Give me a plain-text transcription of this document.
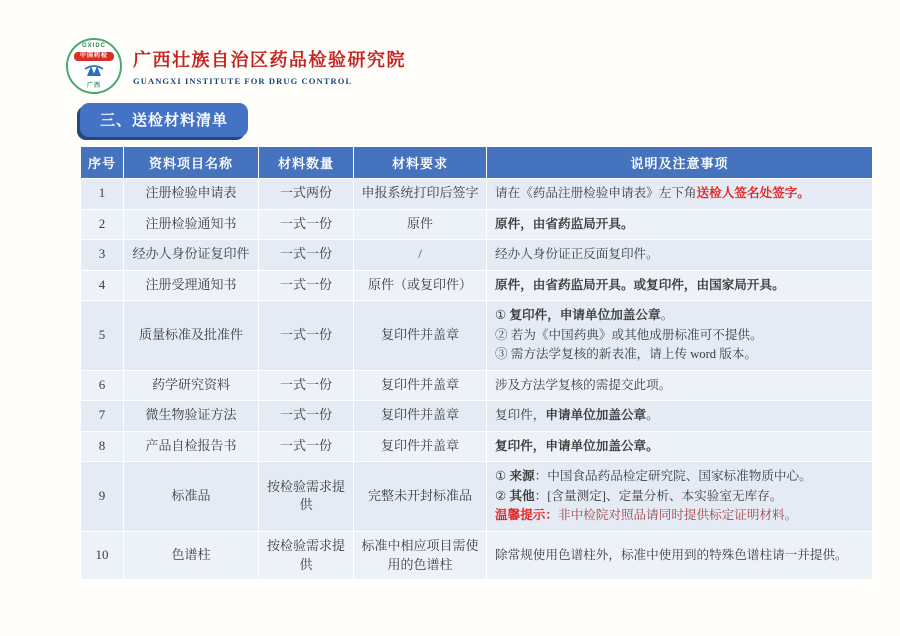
GXIDC
中国药检
广西
广西壮族自治区药品检验研究院
GUANGXI INSTITUTE FOR DRUG CONTROL
三、送检材料清单
序号	资料项目名称	材料数量	材料要求	说明及注意事项
1	注册检验申请表	一式两份	申报系统打印后签字	请在《药品注册检验申请表》左下角送检人签名处签字。

2	注册检验通知书	一式一份	原件	原件，由省药监局开具。

3	经办人身份证复印件	一式一份	/	经办人身份证正反面复印件。

4	注册受理通知书	一式一份	原件（或复印件）	原件，由省药监局开具。或复印件，由国家局开具。

5	质量标准及批准件	一式一份	复印件并盖章	① 复印件，申请单位加盖公章。
② 若为《中国药典》或其他成册标准可不提供。
③ 需方法学复核的新表准，请上传 word 版本。

6	药学研究资料	一式一份	复印件并盖章	涉及方法学复核的需提交此项。

7	微生物验证方法	一式一份	复印件并盖章	复印件，申请单位加盖公章。

8	产品自检报告书	一式一份	复印件并盖章	复印件，申请单位加盖公章。

9	标准品	按检验需求提供	完整未开封标准品	① 来源：中国食品药品检定研究院、国家标准物质中心。
② 其他：[含量测定]、定量分析、本实验室无库存。
温馨提示：非中检院对照品请同时提供标定证明材料。

10	色谱柱	按检验需求提供	标准中相应项目需使用的色谱柱	除常规使用色谱柱外，标准中使用到的特殊色谱柱请一并提供。
